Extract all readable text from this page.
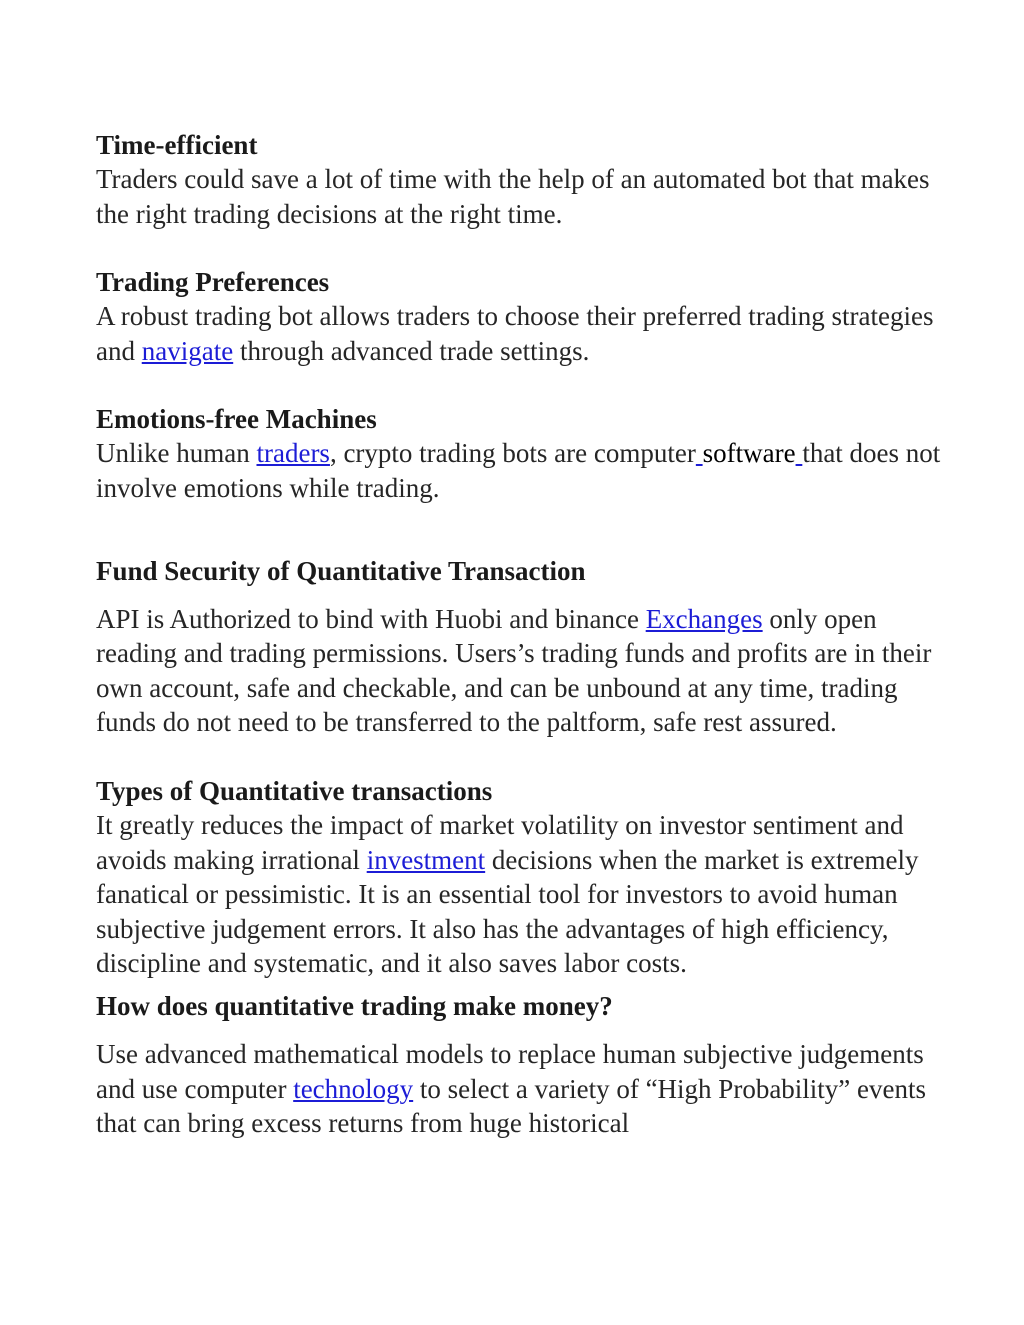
Time-efficient

Traders could save a lot of time with the help of an automated bot that makes the right trading decisions at the right time.

Trading Preferences

A robust trading bot allows traders to choose their preferred trading strategies and navigate through advanced trade settings.

Emotions-free Machines

Unlike human traders, crypto trading bots are computer software that does not involve emotions while trading.

Fund Security of Quantitative Transaction

API is Authorized to bind with Huobi and binance Exchanges only open reading and trading permissions. Users’s trading funds and profits are in their own account, safe and checkable, and can be unbound at any time, trading funds do not need to be transferred to the paltform, safe rest assured.

Types of Quantitative transactions

It greatly reduces the impact of market volatility on investor sentiment and avoids making irrational investment decisions when the market is extremely fanatical or pessimistic. It is an essential tool for investors to avoid human subjective judgement errors. It also has the advantages of high efficiency, discipline and systematic, and it also saves labor costs.

How does quantitative trading make money?

Use advanced mathematical models to replace human subjective judgements and use computer technology to select a variety of “High Probability” events that can bring excess returns from huge historical
